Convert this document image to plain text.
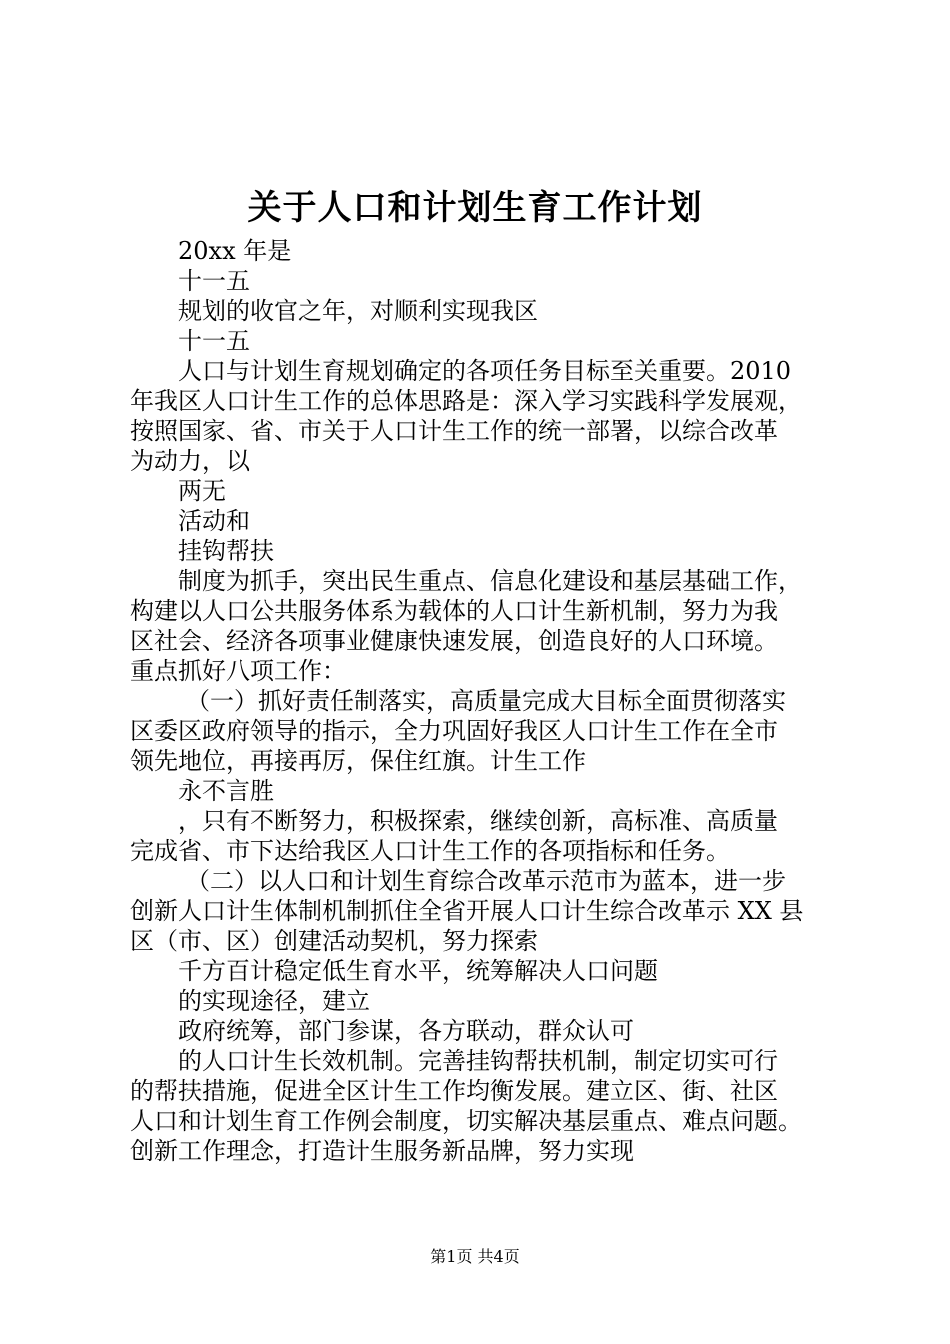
关于人口和计划生育工作计划

20xx 年是

十一五

规划的收官之年，对顺利实现我区

十一五

人口与计划生育规划确定的各项任务目标至关重要。2010

年我区人口计生工作的总体思路是：深入学习实践科学发展观，

按照国家、省、市关于人口计生工作的统一部署，以综合改革

为动力，以

两无

活动和

挂钩帮扶

制度为抓手，突出民生重点、信息化建设和基层基础工作，

构建以人口公共服务体系为载体的人口计生新机制，努力为我

区社会、经济各项事业健康快速发展，创造良好的人口环境。

重点抓好八项工作：

（一）抓好责任制落实，高质量完成大目标全面贯彻落实

区委区政府领导的指示，全力巩固好我区人口计生工作在全市

领先地位，再接再厉，保住红旗。计生工作

永不言胜

，只有不断努力，积极探索，继续创新，高标准、高质量

完成省、市下达给我区人口计生工作的各项指标和任务。

（二）以人口和计划生育综合改革示范市为蓝本，进一步

创新人口计生体制机制抓住全省开展人口计生综合改革示 XX 县

区（市、区）创建活动契机，努力探索

千方百计稳定低生育水平，统筹解决人口问题

的实现途径，建立

政府统筹，部门参谋，各方联动，群众认可

的人口计生长效机制。完善挂钩帮扶机制，制定切实可行

的帮扶措施，促进全区计生工作均衡发展。建立区、街、社区

人口和计划生育工作例会制度，切实解决基层重点、难点问题。

创新工作理念，打造计生服务新品牌，努力实现

第1页 共4页
